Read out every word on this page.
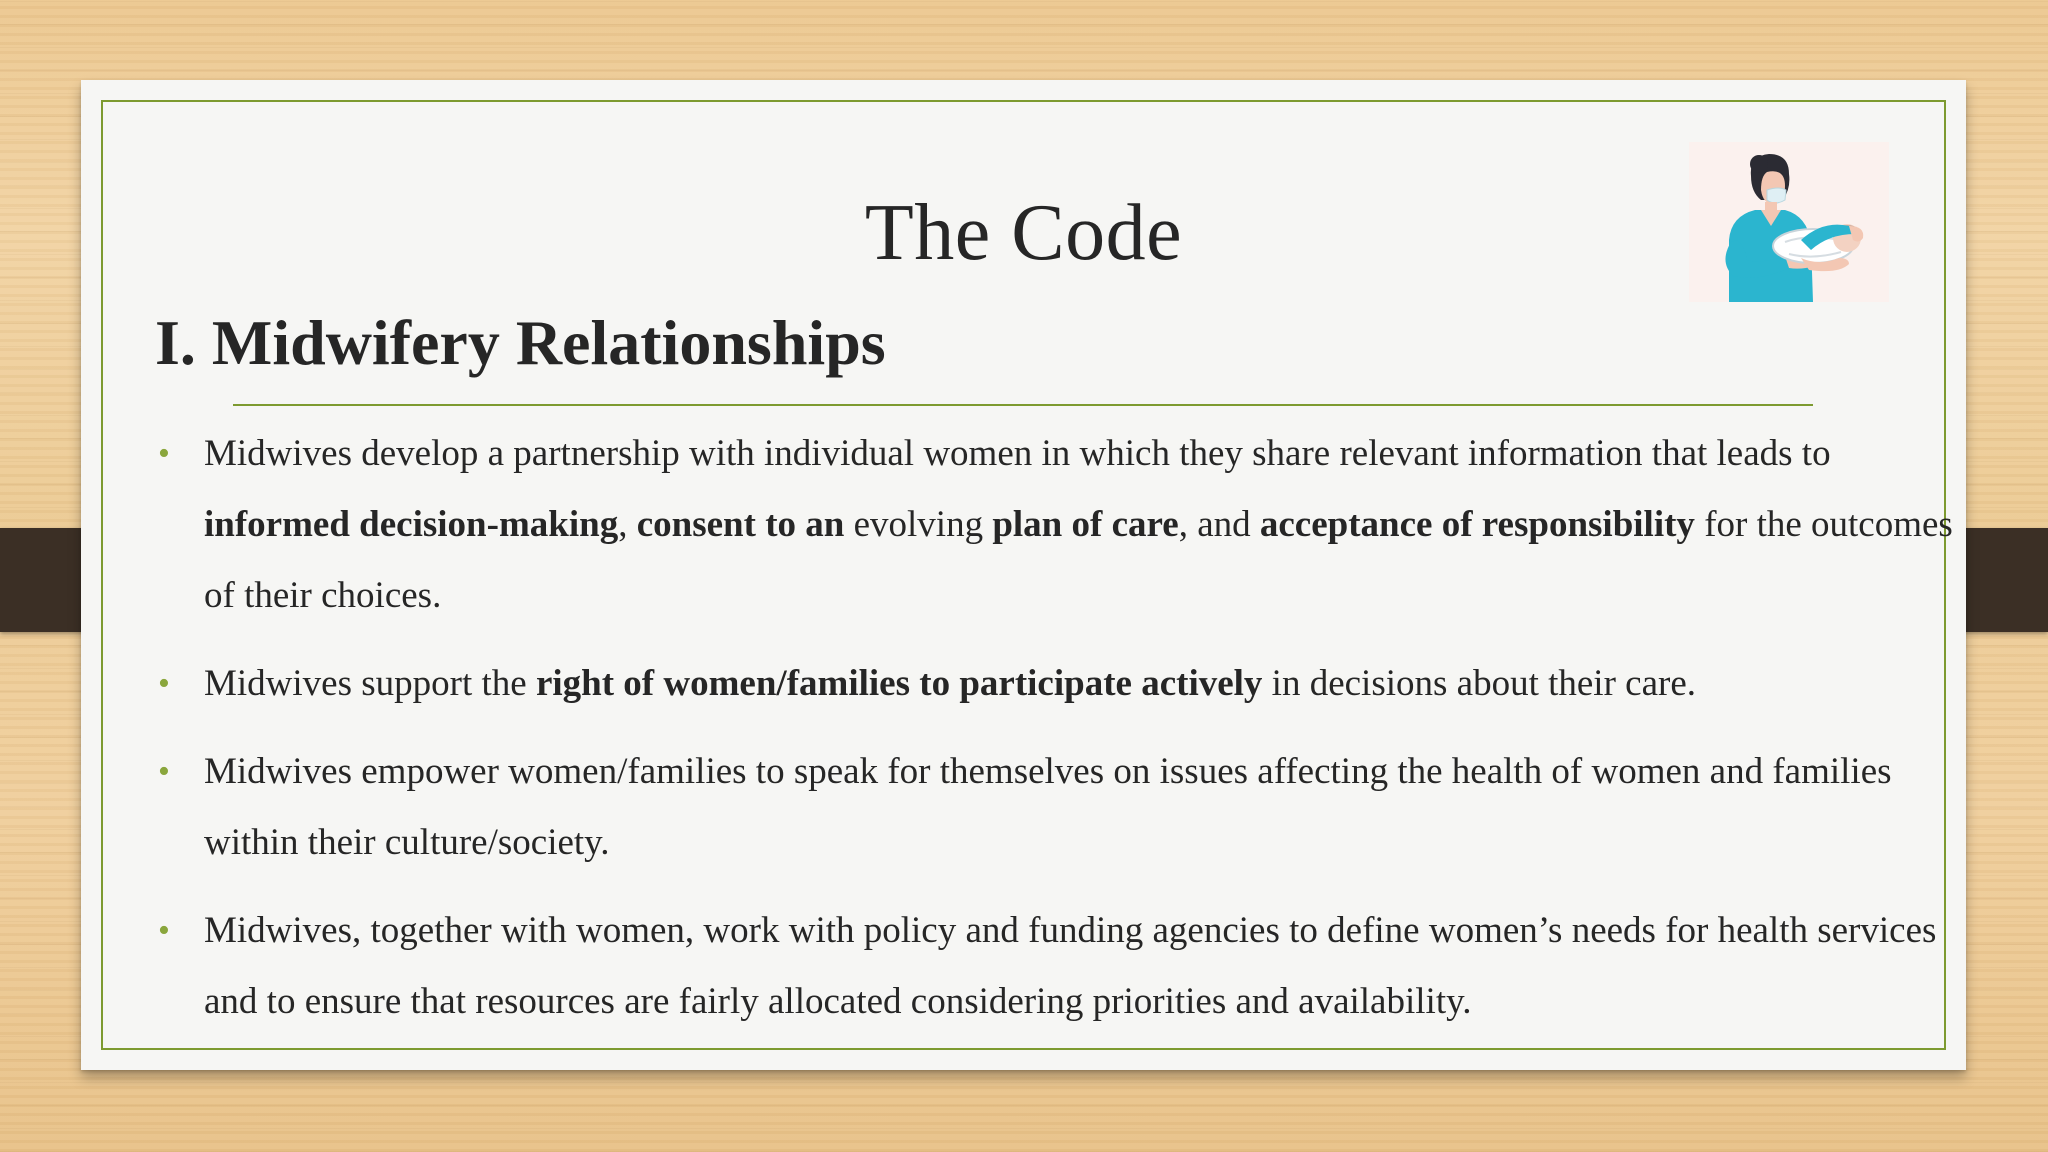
The Code
I. Midwifery Relationships
• Midwives develop a partnership with individual women in which they share relevant information that leads to informed decision-making, consent to an evolving plan of care, and acceptance of responsibility for the outcomes of their choices.
• Midwives support the right of women/families to participate actively in decisions about their care.
• Midwives empower women/families to speak for themselves on issues affecting the health of women and families within their culture/society.
• Midwives, together with women, work with policy and funding agencies to define women’s needs for health services and to ensure that resources are fairly allocated considering priorities and availability.
